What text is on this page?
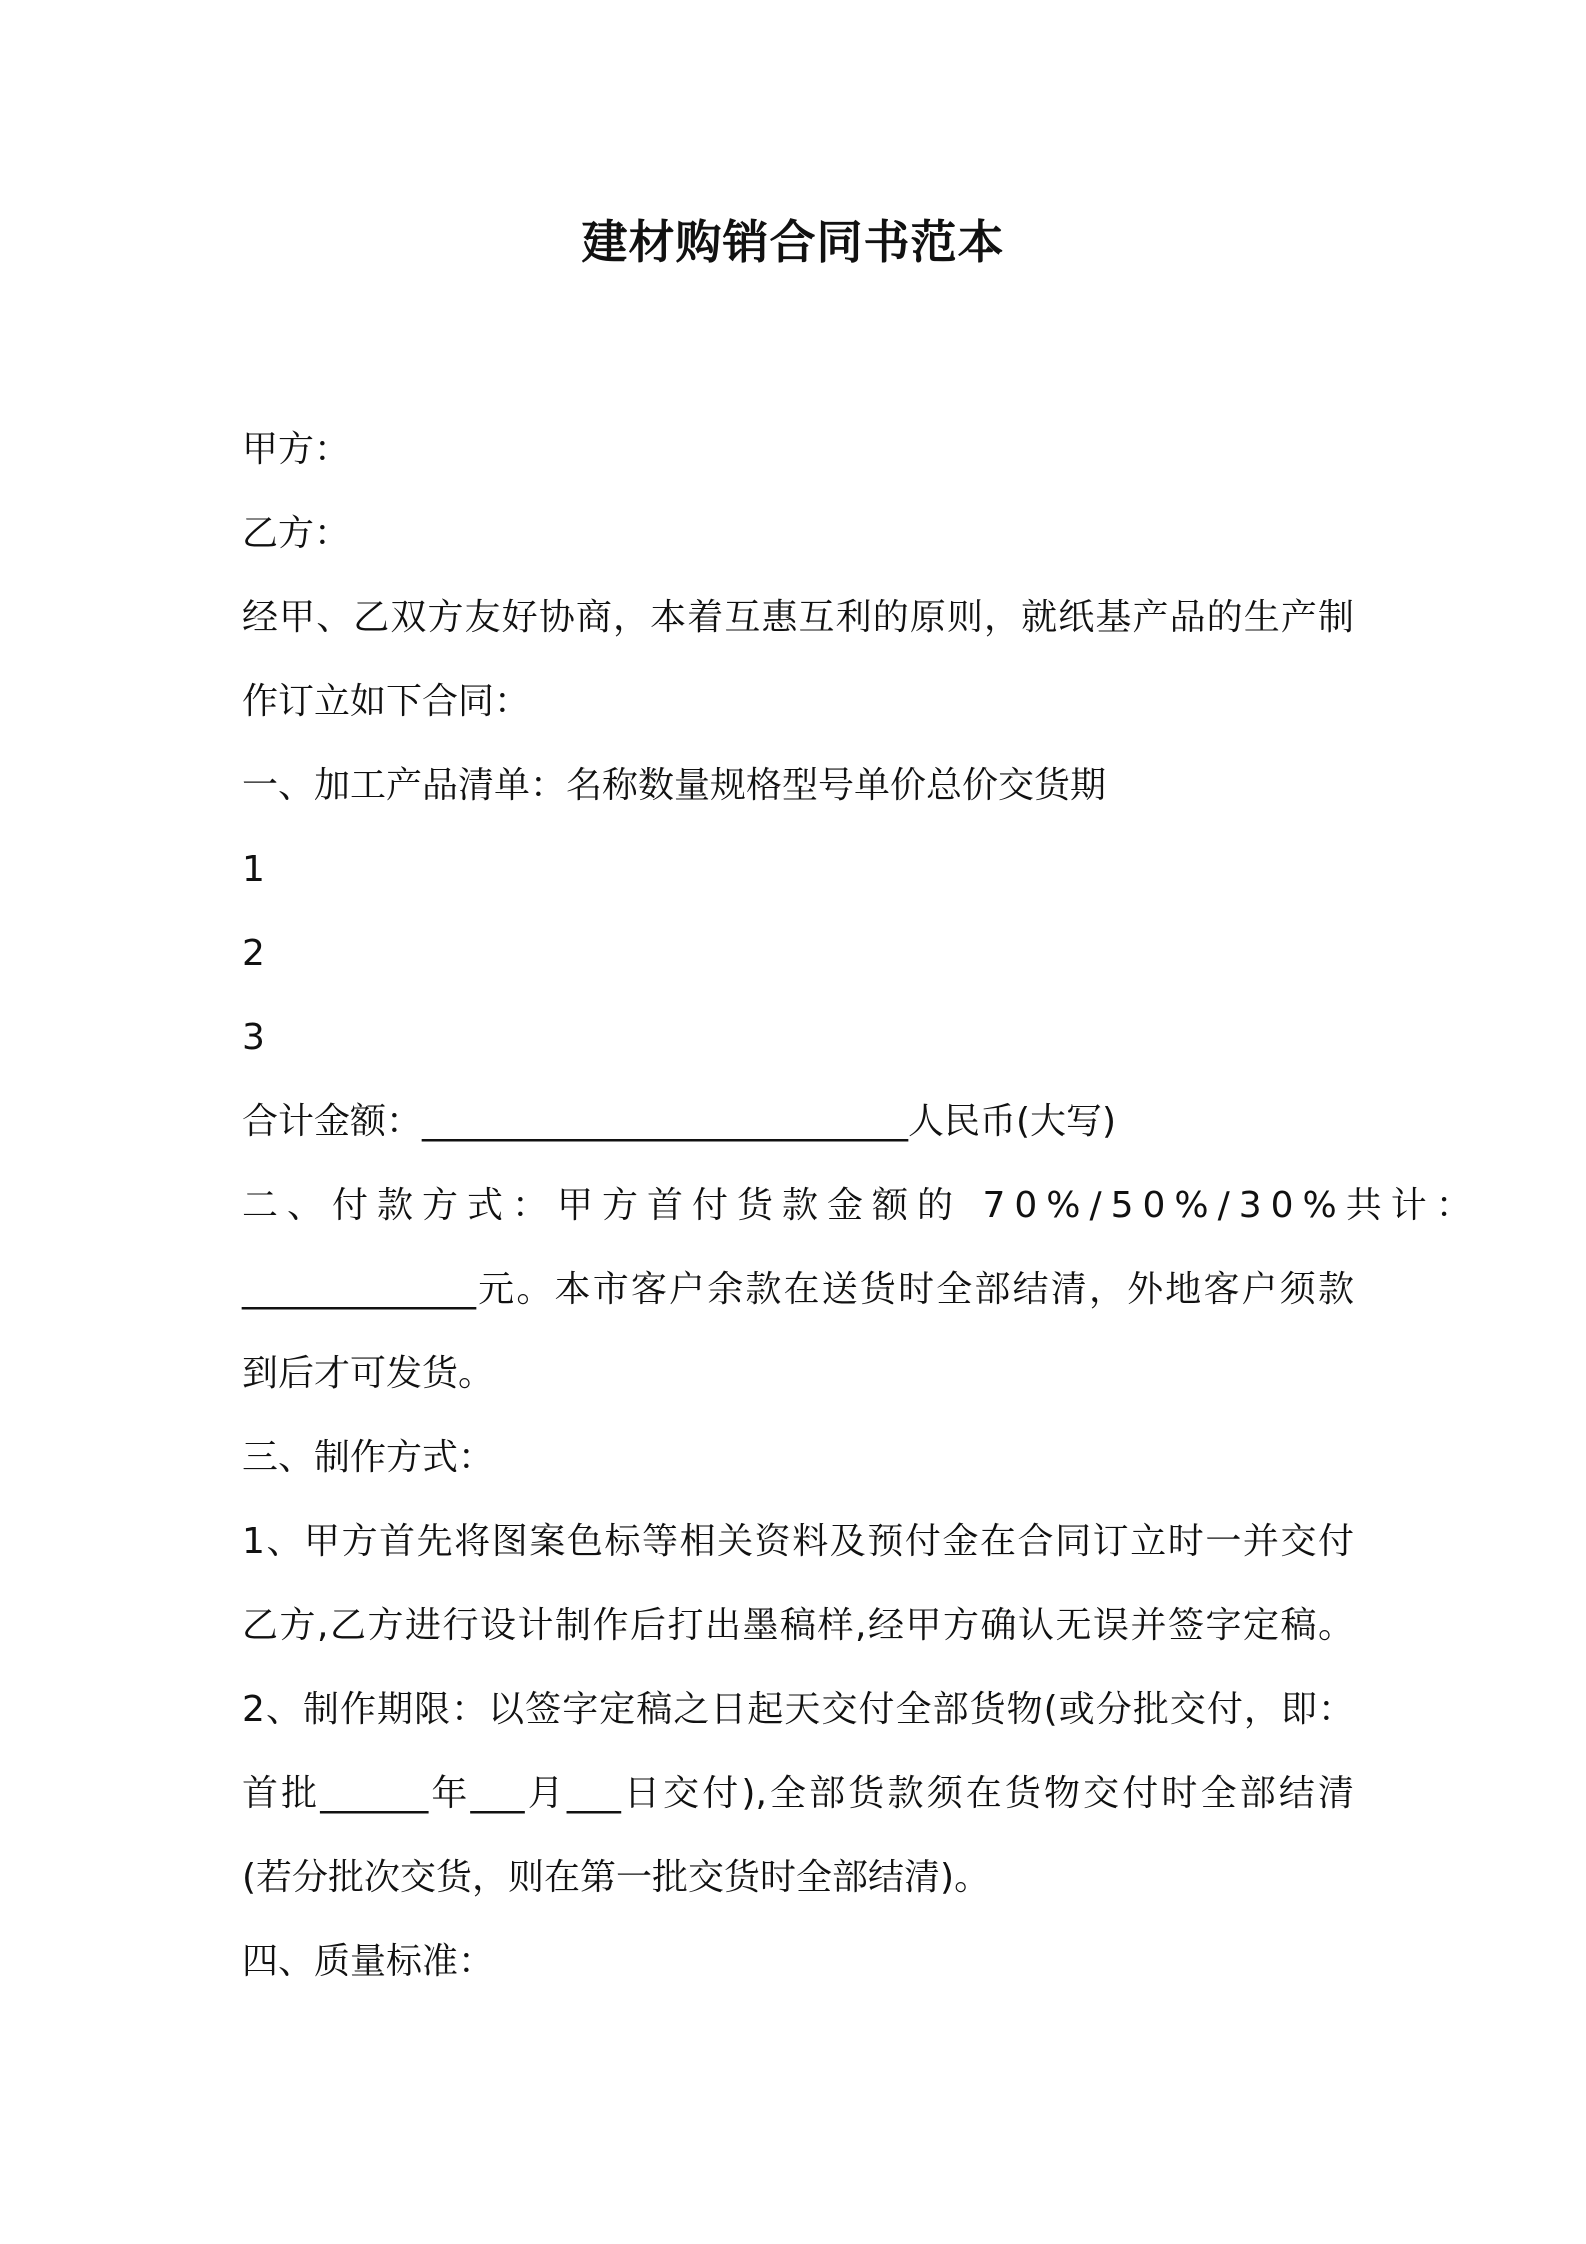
建材购销合同书范本
甲方：
乙方：
经甲、乙双方友好协商，本着互惠互利的原则，就纸基产品的生产制
作订立如下合同：
一、加工产品清单：名称数量规格型号单价总价交货期
1
2
3
合计金额：___________________________人民币(大写)
二、付款方式：甲方首付货款金额的 70%/50%/30%共计：
_____________元。本市客户余款在送货时全部结清，外地客户须款
到后才可发货。
三、制作方式：
1、甲方首先将图案色标等相关资料及预付金在合同订立时一并交付
乙方,乙方进行设计制作后打出墨稿样,经甲方确认无误并签字定稿。
2、制作期限：以签字定稿之日起天交付全部货物(或分批交付，即：
首批______年___月___日交付),全部货款须在货物交付时全部结清
(若分批次交货，则在第一批交货时全部结清)。
四、质量标准：
